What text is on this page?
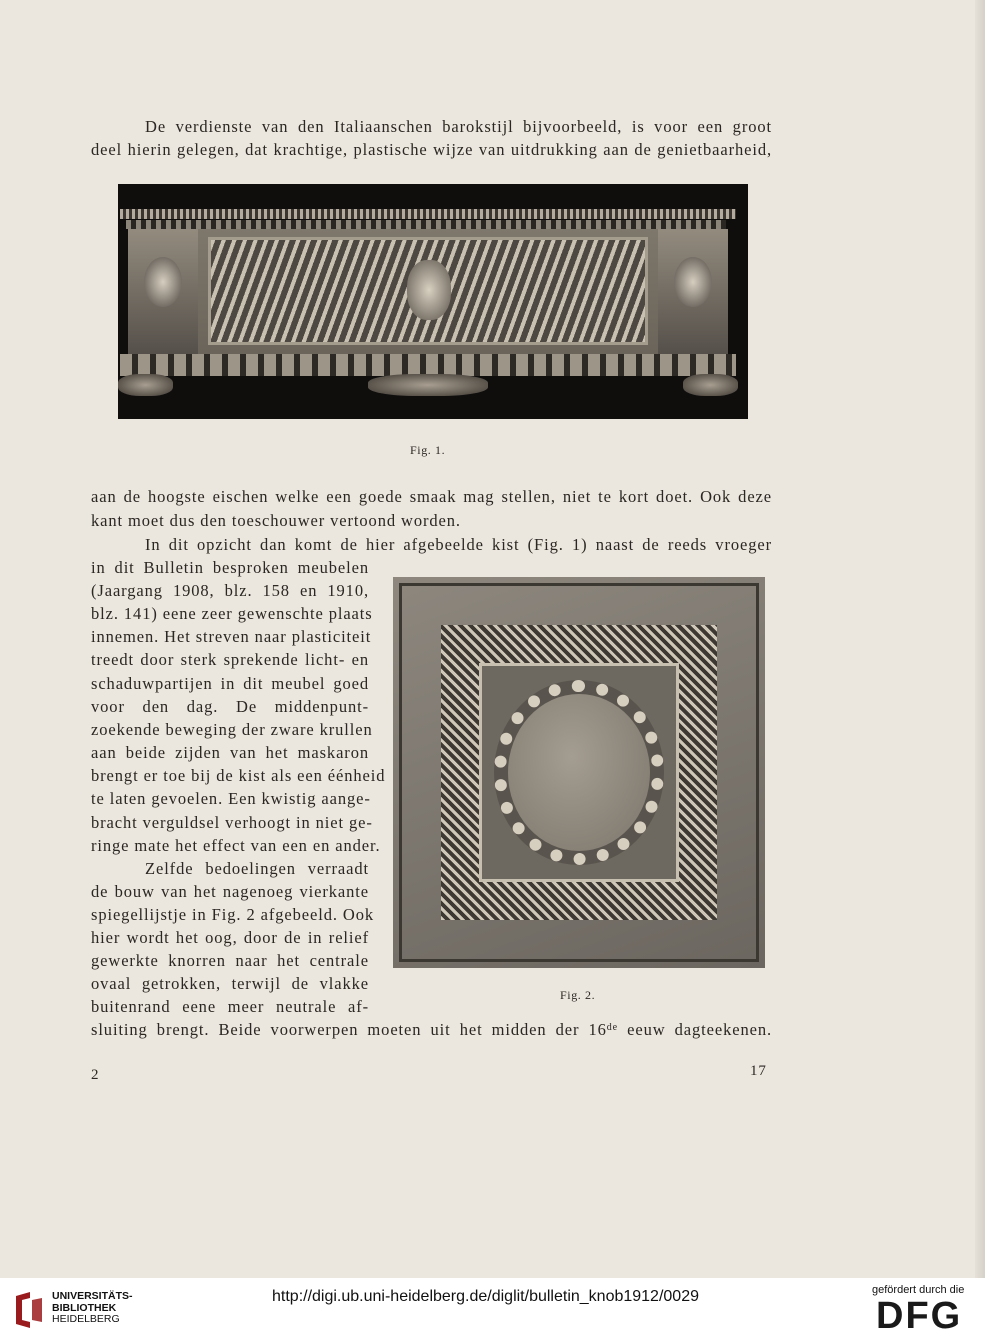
De verdienste van den Italiaanschen barokstijl bijvoorbeeld, is voor een groot
deel hierin gelegen, dat krachtige, plastische wijze van uitdrukking aan de genietbaarheid,
Fig. 1.
aan de hoogste eischen welke een goede smaak mag stellen, niet te kort doet. Ook deze
kant moet dus den toeschouwer vertoond worden.
In dit opzicht dan komt de hier afgebeelde kist (Fig. 1) naast de reeds vroeger
in dit Bulletin besproken meubelen
(Jaargang 1908, blz. 158 en 1910,
blz. 141) eene zeer gewenschte plaats
innemen. Het streven naar plasticiteit
treedt door sterk sprekende licht- en
schaduwpartijen in dit meubel goed
voor den dag. De middenpunt-
zoekende beweging der zware krullen
aan beide zijden van het maskaron
brengt er toe bij de kist als een éénheid
te laten gevoelen. Een kwistig aange-
bracht verguldsel verhoogt in niet ge-
ringe mate het effect van een en ander.
Zelfde bedoelingen verraadt
de bouw van het nagenoeg vierkante
spiegellijstje in Fig. 2 afgebeeld. Ook
hier wordt het oog, door de in relief
gewerkte knorren naar het centrale
ovaal getrokken, terwijl de vlakke
buitenrand eene meer neutrale af-
sluiting brengt. Beide voorwerpen moeten uit het midden der 16de eeuw dagteekenen.
Fig. 2.
2	17
UNIVERSITÄTS-
BIBLIOTHEK
HEIDELBERG
http://digi.ub.uni-heidelberg.de/diglit/bulletin_knob1912/0029	gefördert durch die
DFG
